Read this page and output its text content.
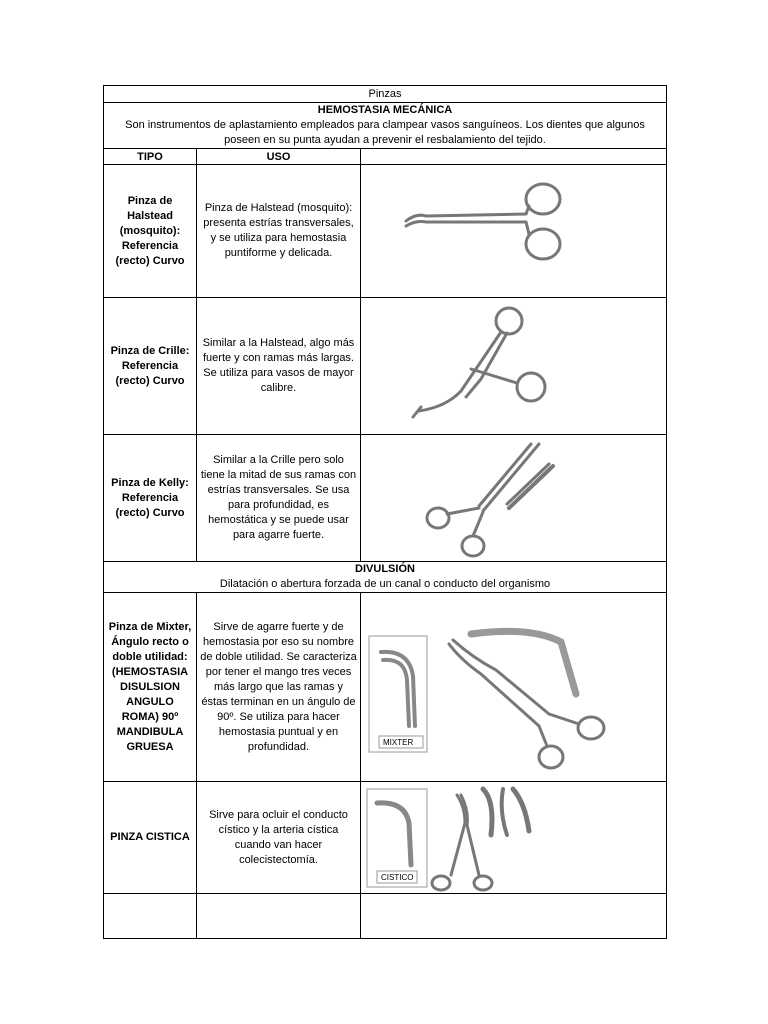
Pinzas		

HEMOSTASIA MECÁNICA
Son instrumentos de aplastamiento empleados para clampear vasos sanguíneos. Los dientes que algunos poseen en su punta ayudan a prevenir el resbalamiento del tejido.		

TIPO	USO	
Pinza de Halstead (mosquito): Referencia (recto) Curvo	Pinza de Halstead (mosquito): presenta estrías transversales, y se utiliza para hemostasia puntiforme y delicada.	

Pinza de Crille: Referencia (recto) Curvo	Similar a la Halstead, algo más fuerte y con ramas más largas. Se utiliza para vasos de mayor calibre.	

Pinza de Kelly: Referencia (recto) Curvo	Similar a la Crille pero solo tiene la mitad de sus ramas con estrías transversales. Se usa para profundidad, es hemostática y se puede usar para agarre fuerte.	

DIVULSIÓN
Dilatación o abertura forzada de un canal o conducto del organismo		

Pinza de Mixter, Ángulo recto o doble utilidad: (HEMOSTASIA DISULSION ANGULO ROMA) 90º MANDIBULA GRUESA	Sirve de agarre fuerte y de hemostasia por eso su nombre de doble utilidad. Se caracteriza por tener el mango tres veces más largo que las ramas y éstas terminan en un ángulo de 90º. Se utiliza para hacer hemostasia puntual y en profundidad.	MIXTER

PINZA CISTICA	Sirve para ocluir el conducto cístico y la arteria cística cuando van hacer colecistectomía.	CISTICO
